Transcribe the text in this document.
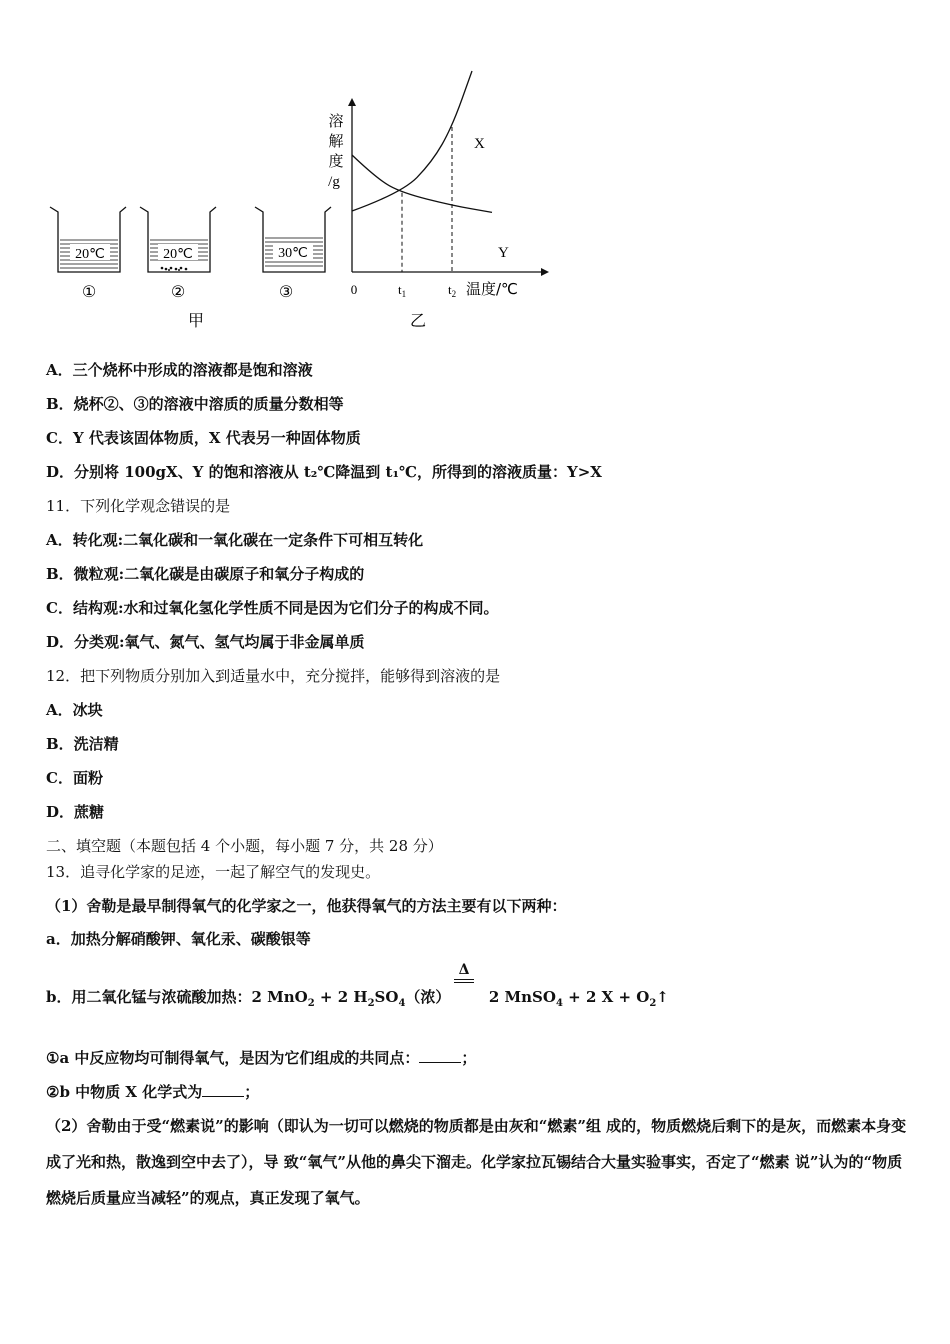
20℃
①
20℃
②
30℃
③
甲
溶
解
度
/g
X
Y
0	$t_1$	$t_2$ 温度/℃
乙
A．三个烧杯中形成的溶液都是饱和溶液
B．烧杯②、③的溶液中溶质的质量分数相等
C．Y 代表该固体物质，X 代表另一种固体物质
D．分别将 100gX、Y 的饱和溶液从 t₂℃降温到 t₁℃，所得到的溶液质量：Y>X
11．下列化学观念错误的是
A．转化观:二氧化碳和一氧化碳在一定条件下可相互转化
B．微粒观:二氧化碳是由碳原子和氧分子构成的
C．结构观:水和过氧化氢化学性质不同是因为它们分子的构成不同。
D．分类观:氧气、氮气、氢气均属于非金属单质
12．把下列物质分别加入到适量水中，充分搅拌，能够得到溶液的是
A．冰块
B．洗洁精
C．面粉
D．蔗糖
二、填空题（本题包括 4 个小题，每小题 7 分，共 28 分）
13．追寻化学家的足迹，一起了解空气的发现史。
（1）舍勒是最早制得氧气的化学家之一，他获得氧气的方法主要有以下两种：
a．加热分解硝酸钾、氧化汞、碳酸银等
Δ
b．用二氧化锰与浓硫酸加热：2 MnO$_2$ + 2 $H_2SO_4$（浓）	2 MnSO$_4$ + 2 $X + O_2↑$
①a 中反应物均可制得氧气，是因为它们组成的共同点：	；
②b 中物质 X 化学式为	；
（2）舍勒由于受“燃素说”的影响（即认为一切可以燃烧的物质都是由灰和“燃素”组 成的，物质燃烧后剩下的是灰，而燃素本身变成了光和热，散逸到空中去了），导 致“氧气”从他的鼻尖下溜走。化学家拉瓦锡结合大量实验事实，否定了“燃素 说”认为的“物质燃烧后质量应当减轻”的观点，真正发现了氧气。
